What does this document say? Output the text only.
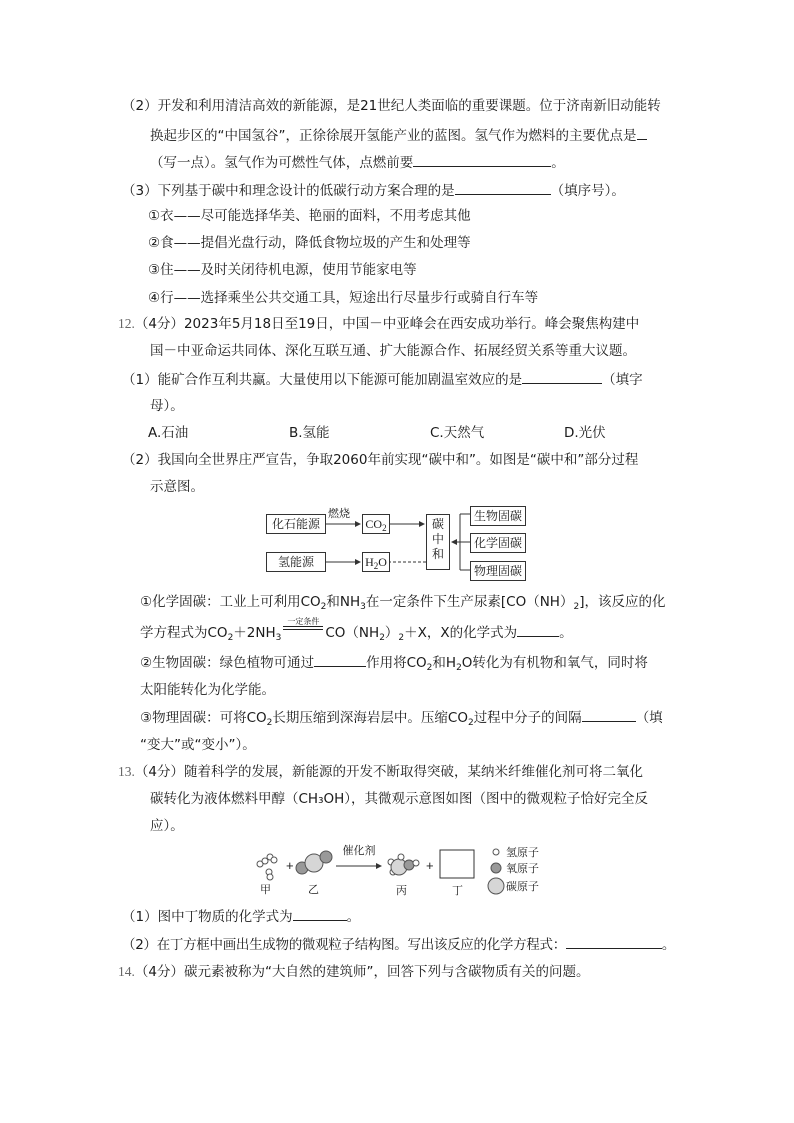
（2）开发和利用清洁高效的新能源，是21世纪人类面临的重要课题。位于济南新旧动能转
换起步区的“中国氢谷”，正徐徐展开氢能产业的蓝图。氢气作为燃料的主要优点是
（写一点）。氢气作为可燃性气体，点燃前要	。
（3）下列基于碳中和理念设计的低碳行动方案合理的是	（填序号）。
①衣——尽可能选择华美、艳丽的面料，不用考虑其他
②食——提倡光盘行动，降低食物垃圾的产生和处理等
③住——及时关闭待机电源，使用节能家电等
④行——选择乘坐公共交通工具，短途出行尽量步行或骑自行车等
12.（4分）2023年5月18日至19日，中国－中亚峰会在西安成功举行。峰会聚焦构建中
国－中亚命运共同体、深化互联互通、扩大能源合作、拓展经贸关系等重大议题。
（1）能矿合作互利共赢。大量使用以下能源可能加剧温室效应的是	（填字
母）。
A.石油	B.氢能	C.天然气	D.光伏
（2）我国向全世界庄严宣告，争取2060年前实现“碳中和”。如图是“碳中和”部分过程
示意图。
化石能源
燃烧
$CO_2$
氢能源	$H_2O$
碳
中
和
生物固碳
化学固碳
物理固碳
①化学固碳：工业上可利用$CO_2$和$NH_3$在一定条件下生产尿素$[CO(NH)_2]$，该反应的化
学方程式为$CO_2+2NH_3$
一定条件
$CO(NH_2)_2+X$，X的化学式为	。
②生物固碳：绿色植物可通过	作用将$CO_2$和$H_2O$转化为有机物和氧气，同时将
太阳能转化为化学能。
③物理固碳：可将$CO_2$长期压缩到深海岩层中。压缩$CO_2$过程中分子的间隔	（填
“变大”或“变小”）。
13.（4分）随着科学的发展，新能源的开发不断取得突破，某纳米纤维催化剂可将二氧化
碳转化为液体燃料甲醇（CH₃OH），其微观示意图如图（图中的微观粒子恰好完全反
应）。
+	+
催化剂
甲	乙	丙	丁
氢原子
氧原子
碳原子
（1）图中丁物质的化学式为	。
（2）在丁方框中画出生成物的微观粒子结构图。写出该反应的化学方程式：	。
14.（4分）碳元素被称为“大自然的建筑师”，回答下列与含碳物质有关的问题。
